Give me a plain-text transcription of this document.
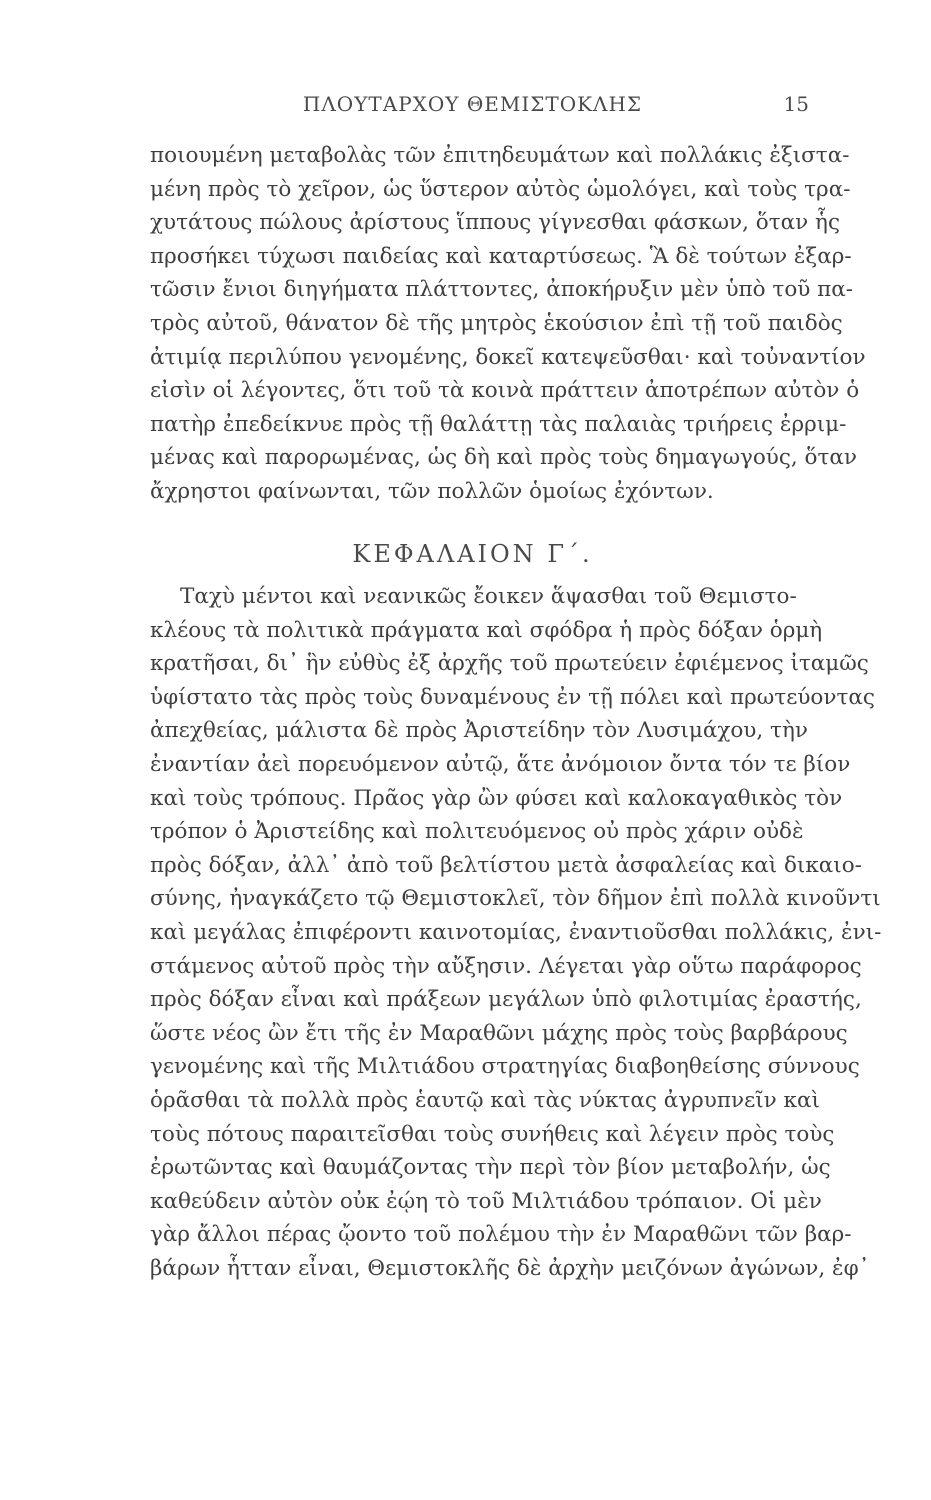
ΠΛΟΥΤΑΡΧΟΥ ΘΕΜΙΣΤΟΚΛΗΣ	15
ποιουμένη μεταβολὰς τῶν ἐπιτηδευμάτων καὶ πολλάκις ἐξιστα-
μένη πρὸς τὸ χεῖρον, ὡς ὕστερον αὐτὸς ὡμολόγει, καὶ τοὺς τρα-
χυτάτους πώλους ἀρίστους ἵππους γίγνεσθαι φάσκων, ὅταν ἧς
προσήκει τύχωσι παιδείας καὶ καταρτύσεως. Ἃ δὲ τούτων ἐξαρ-
τῶσιν ἔνιοι διηγήματα πλάττοντες, ἀποκήρυξιν μὲν ὑπὸ τοῦ πα-
τρὸς αὐτοῦ, θάνατον δὲ τῆς μητρὸς ἑκούσιον ἐπὶ τῇ τοῦ παιδὸς
ἀτιμίᾳ περιλύπου γενομένης, δοκεῖ κατεψεῦσθαι· καὶ τοὐναντίον
εἰσὶν οἱ λέγοντες, ὅτι τοῦ τὰ κοινὰ πράττειν ἀποτρέπων αὐτὸν ὁ
πατὴρ ἐπεδείκνυε πρὸς τῇ θαλάττῃ τὰς παλαιὰς τριήρεις ἐρριμ-
μένας καὶ παρορωμένας, ὡς δὴ καὶ πρὸς τοὺς δημαγωγούς, ὅταν
ἄχρηστοι φαίνωνται, τῶν πολλῶν ὁμοίως ἐχόντων.
ΚΕΦΑΛΑΙΟΝ Γ΄.
Ταχὺ μέντοι καὶ νεανικῶς ἔοικεν ἅψασθαι τοῦ Θεμιστο-
κλέους τὰ πολιτικὰ πράγματα καὶ σφόδρα ἡ πρὸς δόξαν ὁρμὴ
κρατῆσαι, δι᾿ ἣν εὐθὺς ἐξ ἀρχῆς τοῦ πρωτεύειν ἐφιέμενος ἰταμῶς
ὑφίστατο τὰς πρὸς τοὺς δυναμένους ἐν τῇ πόλει καὶ πρωτεύοντας
ἀπεχθείας, μάλιστα δὲ πρὸς Ἀριστείδην τὸν Λυσιμάχου, τὴν
ἐναντίαν ἀεὶ πορευόμενον αὐτῷ, ἅτε ἀνόμοιον ὄντα τόν τε βίον
καὶ τοὺς τρόπους. Πρᾶος γὰρ ὢν φύσει καὶ καλοκαγαθικὸς τὸν
τρόπον ὁ Ἀριστείδης καὶ πολιτευόμενος οὐ πρὸς χάριν οὐδὲ
πρὸς δόξαν, ἀλλ᾿ ἀπὸ τοῦ βελτίστου μετὰ ἀσφαλείας καὶ δικαιο-
σύνης, ἠναγκάζετο τῷ Θεμιστοκλεῖ, τὸν δῆμον ἐπὶ πολλὰ κινοῦντι
καὶ μεγάλας ἐπιφέροντι καινοτομίας, ἐναντιοῦσθαι πολλάκις, ἐνι-
στάμενος αὐτοῦ πρὸς τὴν αὔξησιν. Λέγεται γὰρ οὕτω παράφορος
πρὸς δόξαν εἶναι καὶ πράξεων μεγάλων ὑπὸ φιλοτιμίας ἐραστής,
ὥστε νέος ὢν ἔτι τῆς ἐν Μαραθῶνι μάχης πρὸς τοὺς βαρβάρους
γενομένης καὶ τῆς Μιλτιάδου στρατηγίας διαβοηθείσης σύννους
ὁρᾶσθαι τὰ πολλὰ πρὸς ἑαυτῷ καὶ τὰς νύκτας ἀγρυπνεῖν καὶ
τοὺς πότους παραιτεῖσθαι τοὺς συνήθεις καὶ λέγειν πρὸς τοὺς
ἐρωτῶντας καὶ θαυμάζοντας τὴν περὶ τὸν βίον μεταβολήν, ὡς
καθεύδειν αὐτὸν οὐκ ἐῴη τὸ τοῦ Μιλτιάδου τρόπαιον. Οἱ μὲν
γὰρ ἄλλοι πέρας ᾤοντο τοῦ πολέμου τὴν ἐν Μαραθῶνι τῶν βαρ-
βάρων ἧτταν εἶναι, Θεμιστοκλῆς δὲ ἀρχὴν μειζόνων ἀγώνων, ἐφ᾿
